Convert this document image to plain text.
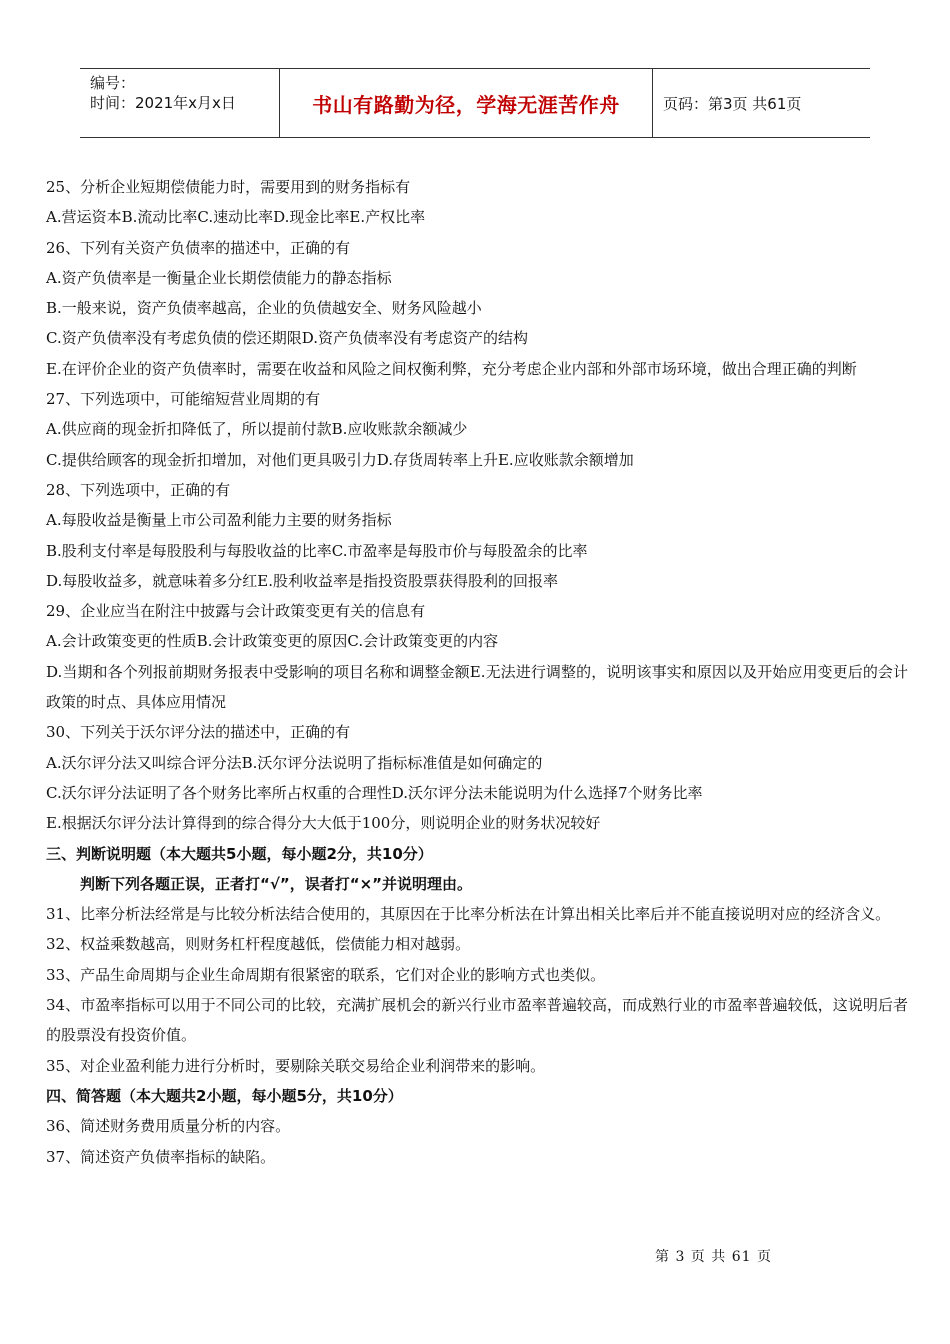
编号：
时间：2021年x月x日	书山有路勤为径，学海无涯苦作舟	页码：第3页 共61页
25、分析企业短期偿债能力时，需要用到的财务指标有
A.营运资本B.流动比率C.速动比率D.现金比率E.产权比率
26、下列有关资产负债率的描述中，正确的有
A.资产负债率是一衡量企业长期偿债能力的静态指标
B.一般来说，资产负债率越高，企业的负债越安全、财务风险越小
C.资产负债率没有考虑负债的偿还期限D.资产负债率没有考虑资产的结构
E.在评价企业的资产负债率时，需要在收益和风险之间权衡利弊，充分考虑企业内部和外部市场环境，做出合理正确的判断
27、下列选项中，可能缩短营业周期的有
A.供应商的现金折扣降低了，所以提前付款B.应收账款余额减少
C.提供给顾客的现金折扣增加，对他们更具吸引力D.存货周转率上升E.应收账款余额增加
28、下列选项中，正确的有
A.每股收益是衡量上市公司盈利能力主要的财务指标
B.股利支付率是每股股利与每股收益的比率C.市盈率是每股市价与每股盈余的比率
D.每股收益多，就意味着多分红E.股利收益率是指投资股票获得股利的回报率
29、企业应当在附注中披露与会计政策变更有关的信息有
A.会计政策变更的性质B.会计政策变更的原因C.会计政策变更的内容
D.当期和各个列报前期财务报表中受影响的项目名称和调整金额E.无法进行调整的，说明该事实和原因以及开始应用变更后的会计政策的时点、具体应用情况
30、下列关于沃尔评分法的描述中，正确的有
A.沃尔评分法又叫综合评分法B.沃尔评分法说明了指标标准值是如何确定的
C.沃尔评分法证明了各个财务比率所占权重的合理性D.沃尔评分法未能说明为什么选择7个财务比率
E.根据沃尔评分法计算得到的综合得分大大低于100分，则说明企业的财务状况较好
三、判断说明题（本大题共5小题，每小题2分，共10分）
判断下列各题正误，正者打“√”，误者打“×”并说明理由。
31、比率分析法经常是与比较分析法结合使用的，其原因在于比率分析法在计算出相关比率后并不能直接说明对应的经济含义。
32、权益乘数越高，则财务杠杆程度越低，偿债能力相对越弱。
33、产品生命周期与企业生命周期有很紧密的联系，它们对企业的影响方式也类似。
34、市盈率指标可以用于不同公司的比较，充满扩展机会的新兴行业市盈率普遍较高，而成熟行业的市盈率普遍较低，这说明后者的股票没有投资价值。
35、对企业盈利能力进行分析时，要剔除关联交易给企业利润带来的影响。
四、简答题（本大题共2小题，每小题5分，共10分）
36、简述财务费用质量分析的内容。
37、简述资产负债率指标的缺陷。
第 3 页 共 61 页
